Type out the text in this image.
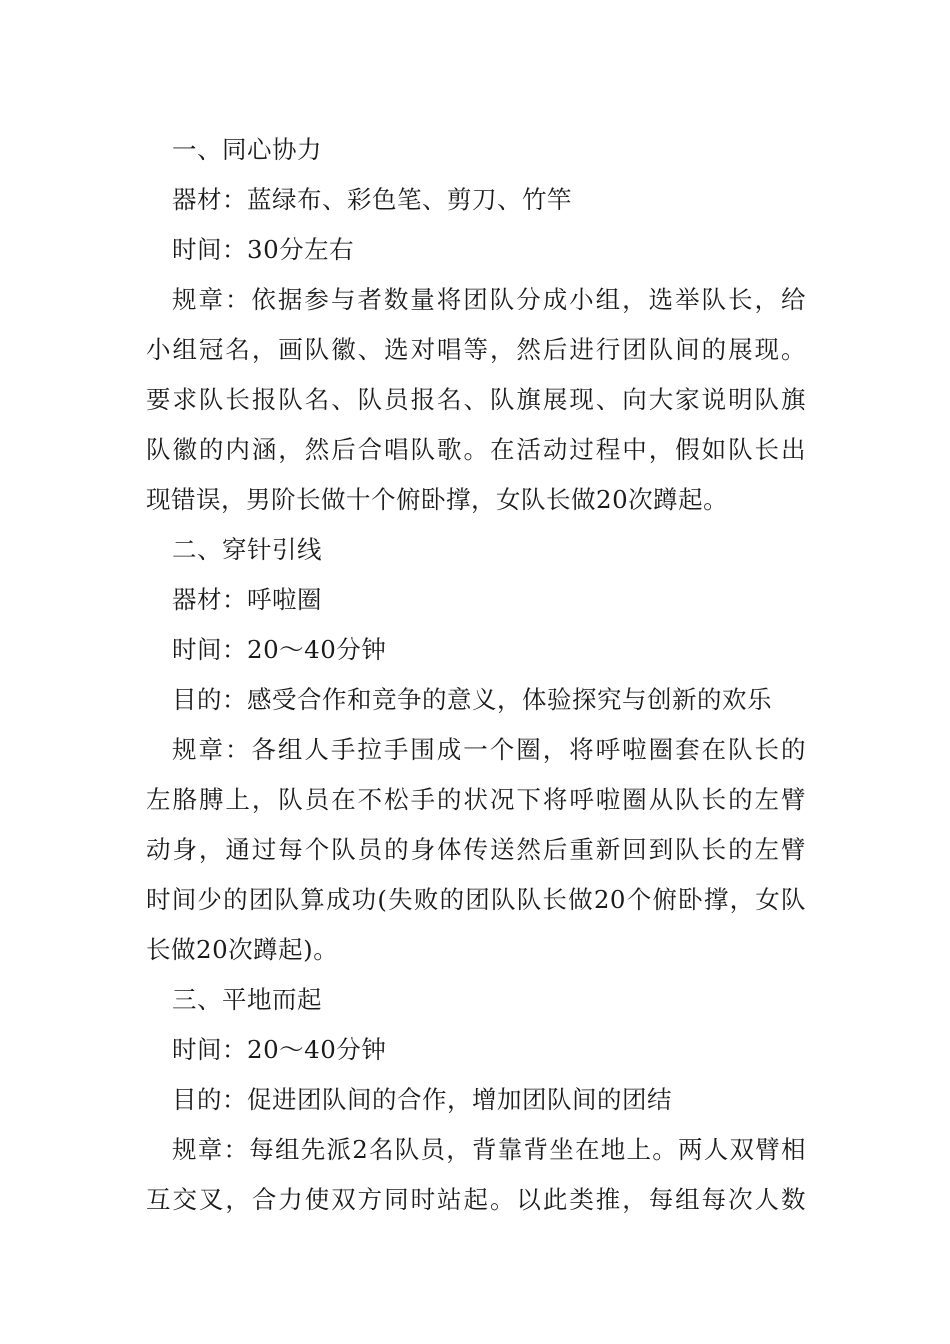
一、同心协力
器材：蓝绿布、彩色笔、剪刀、竹竿
时间：30分左右
规章：依据参与者数量将团队分成小组，选举队长，给
小组冠名，画队徽、选对唱等，然后进行团队间的展现。
要求队长报队名、队员报名、队旗展现、向大家说明队旗
队徽的内涵，然后合唱队歌。在活动过程中，假如队长出
现错误，男阶长做十个俯卧撑，女队长做20次蹲起。
二、穿针引线
器材：呼啦圈
时间：20～40分钟
目的：感受合作和竞争的意义，体验探究与创新的欢乐
规章：各组人手拉手围成一个圈，将呼啦圈套在队长的
左胳膊上，队员在不松手的状况下将呼啦圈从队长的左臂
动身，通过每个队员的身体传送然后重新回到队长的左臂
时间少的团队算成功(失败的团队队长做20个俯卧撑，女队
长做20次蹲起)。
三、平地而起
时间：20～40分钟
目的：促进团队间的合作，增加团队间的团结
规章：每组先派2名队员，背靠背坐在地上。两人双臂相
互交叉，合力使双方同时站起。以此类推，每组每次人数
